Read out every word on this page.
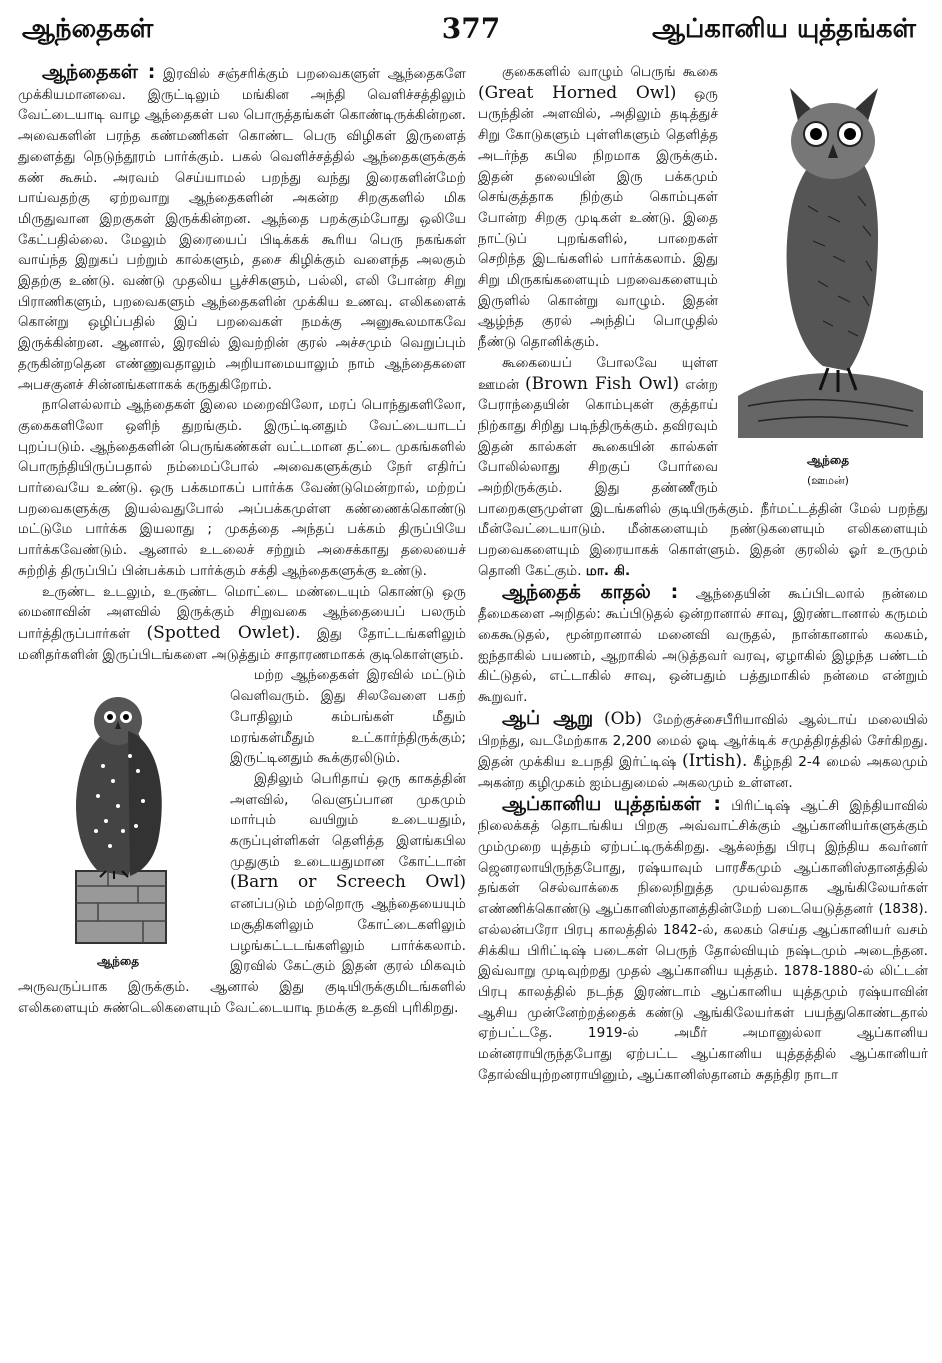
ஆந்தைகள்	377	ஆப்கானிய யுத்தங்கள்

ஆந்தைகள் : இரவில் சஞ்சரிக்கும் பறவைகளுள் ஆந்தைகளே முக்கியமானவை. இருட்டிலும் மங்கின அந்தி வெளிச்சத்திலும் வேட்டையாடி வாழ ஆந்தைகள் பல பொருத்தங்கள் கொண்டிருக்கின்றன. அவைகளின் பரந்த கண்மணிகள் கொண்ட பெரு விழிகள் இருளைத் துளைத்து நெடுந்தூரம் பார்க்கும். பகல் வெளிச்சத்தில் ஆந்தைகளுக்குக் கண் கூசும். அரவம் செய்யாமல் பறந்து வந்து இரைகளின்மேற் பாய்வதற்கு ஏற்றவாறு ஆந்தைகளின் அகன்ற சிறகுகளில் மிக மிருதுவான இறகுகள் இருக்கின்றன. ஆந்தை பறக்கும்போது ஒலியே கேட்பதில்லை. மேலும் இரையைப் பிடிக்கக் கூரிய பெரு நகங்கள் வாய்ந்த இறுகப் பற்றும் கால்களும், தசை கிழிக்கும் வளைந்த அலகும் இதற்கு உண்டு. வண்டு முதலிய பூச்சிகளும், பல்லி, எலி போன்ற சிறு பிராணிகளும், பறவைகளும் ஆந்தைகளின் முக்கிய உணவு. எலிகளைக் கொன்று ஒழிப்பதில் இப் பறவைகள் நமக்கு அனுகூலமாகவே இருக்கின்றன. ஆனால், இரவில் இவற்றின் குரல் அச்சமும் வெறுப்பும் தருகின்றதென எண்ணுவதாலும் அறியாமையாலும் நாம் ஆந்தைகளை அபசகுனச் சின்னங்களாகக் கருதுகிறோம்.

நாளெல்லாம் ஆந்தைகள் இலை மறைவிலோ, மரப் பொந்துகளிலோ, குகைகளிலோ ஒளிந் துறங்கும். இருட்டினதும் வேட்டையாடப் புறப்படும். ஆந்தைகளின் பெருங்கண்கள் வட்டமான தட்டை முகங்களில் பொருந்தியிருப்பதால் நம்மைப்போல் அவைகளுக்கும் நேர் எதிர்ப் பார்வையே உண்டு. ஒரு பக்கமாகப் பார்க்க வேண்டுமென்றால், மற்றப் பறவைகளுக்கு இயல்வதுபோல் அப்பக்கமுள்ள கண்ணைக்கொண்டு மட்டுமே பார்க்க இயலாது ; முகத்தை அந்தப் பக்கம் திருப்பியே பார்க்கவேண்டும். ஆனால் உடலைச் சற்றும் அசைக்காது தலையைச் சுற்றித் திருப்பிப் பின்பக்கம் பார்க்கும் சக்தி ஆந்தைகளுக்கு உண்டு.

உருண்ட உடலும், உருண்ட மொட்டை மண்டையும் கொண்டு ஒரு மைனாவின் அளவில் இருக்கும் சிறுவகை ஆந்தையைப் பலரும் பார்த்திருப்பார்கள் (Spotted Owlet). இது தோட்டங்களிலும் மனிதர்களின் இருப்பிடங்களை அடுத்தும் சாதாரணமாகக் குடிகொள்ளும்.

ஆந்தை

மற்ற ஆந்தைகள் இரவில் மட்டும் வெளிவரும். இது சிலவேளை பகற் போதிலும் கம்பங்கள் மீதும் மரங்கள்மீதும் உட்கார்ந்திருக்கும்; இருட்டினதும் கூக்குரலிடும்.

இதிலும் பெரிதாய் ஒரு காகத்தின் அளவில், வெளுப்பான முகமும் மார்பும் வயிறும் உடையதும், கருப்புள்ளிகள் தெளித்த இளங்கபில முதுகும் உடையதுமான கோட்டான் (Barn or Screech Owl) எனப்படும் மற்றொரு ஆந்தையையும் மசூதிகளிலும் கோட்டைகளிலும் பழங்கட்டடங்களிலும் பார்க்கலாம். இரவில் கேட்கும் இதன் குரல் மிகவும் அருவருப்பாக இருக்கும். ஆனால் இது குடியிருக்குமிடங்களில் எலிகளையும் சுண்டெலிகளையும் வேட்டையாடி நமக்கு உதவி புரிகிறது.

ஆந்தை
(ஊமன்)

குகைகளில் வாழும் பெருங் கூகை (Great Horned Owl) ஒரு பருந்தின் அளவில், அதிலும் தடித்துச் சிறு கோடுகளும் புள்ளிகளும் தெளித்த அடர்ந்த கபில நிறமாக இருக்கும். இதன் தலையின் இரு பக்கமும் செங்குத்தாக நிற்கும் கொம்புகள் போன்ற சிறகு முடிகள் உண்டு. இதை நாட்டுப் புறங்களில், பாறைகள் செறிந்த இடங்களில் பார்க்கலாம். இது சிறு மிருகங்களையும் பறவைகளையும் இருளில் கொன்று வாழும். இதன் ஆழ்ந்த குரல் அந்திப் பொழுதில் நீண்டு தொனிக்கும்.

கூகையைப் போலவே யுள்ள ஊமன் (Brown Fish Owl) என்ற பேராந்தையின் கொம்புகள் குத்தாய் நிற்காது சிறிது படிந்திருக்கும். தவிரவும் இதன் கால்கள் கூகையின் கால்கள் போலில்லாது சிறகுப் போர்வை அற்றிருக்கும். இது தண்ணீரும் பாறைகளுமுள்ள இடங்களில் குடியிருக்கும். நீர்மட்டத்தின் மேல் பறந்து மீன்வேட்டையாடும். மீன்களையும் நண்டுகளையும் எலிகளையும் பறவைகளையும் இரையாகக் கொள்ளும். இதன் குரலில் ஓர் உருமும் தொனி கேட்கும். மா. கி.

ஆந்தைக் காதல் : ஆந்தையின் கூப்பிடலால் நன்மை தீமைகளை அறிதல்: கூப்பிடுதல் ஒன்றானால் சாவு, இரண்டானால் கருமம் கைகூடுதல், மூன்றானால் மனைவி வருதல், நான்கானால் கலகம், ஐந்தாகில் பயணம், ஆறாகில் அடுத்தவர் வரவு, ஏழாகில் இழந்த பண்டம் கிட்டுதல், எட்டாகில் சாவு, ஒன்பதும் பத்துமாகில் நன்மை என்றும் கூறுவர்.

ஆப் ஆறு (Ob) மேற்குச்சைபீரியாவில் ஆல்டாய் மலையில் பிறந்து, வடமேற்காக 2,200 மைல் ஓடி ஆர்க்டிக் சமுத்திரத்தில் சேர்கிறது. இதன் முக்கிய உபநதி இர்ட்டிஷ் (Irtish). கீழ்நதி 2-4 மைல் அகலமும் அகன்ற கழிமுகம் ஐம்பதுமைல் அகலமும் உள்ளன.

ஆப்கானிய யுத்தங்கள் : பிரிட்டிஷ் ஆட்சி இந்தியாவில் நிலைக்கத் தொடங்கிய பிறகு அவ்வாட்சிக்கும் ஆப்கானியர்களுக்கும் மும்முறை யுத்தம் ஏற்பட்டிருக்கிறது. ஆக்லந்து பிரபு இந்திய கவர்னர் ஜெனரலாயிருந்தபோது, ரஷ்யாவும் பாரசீகமும் ஆப்கானிஸ்தானத்தில் தங்கள் செல்வாக்கை நிலைநிறுத்த முயல்வதாக ஆங்கிலேயர்கள் எண்ணிக்கொண்டு ஆப்கானிஸ்தானத்தின்மேற் படையெடுத்தனர் (1838). எல்லன்பரோ பிரபு காலத்தில் 1842-ல், கலகம் செய்த ஆப்கானியர் வசம் சிக்கிய பிரிட்டிஷ் படைகள் பெருந் தோல்வியும் நஷ்டமும் அடைந்தன. இவ்வாறு முடிவுற்றது முதல் ஆப்கானிய யுத்தம். 1878-1880-ல் லிட்டன் பிரபு காலத்தில் நடந்த இரண்டாம் ஆப்கானிய யுத்தமும் ரஷ்யாவின் ஆசிய முன்னேற்றத்தைக் கண்டு ஆங்கிலேயர்கள் பயந்துகொண்டதால் ஏற்பட்டதே. 1919-ல் அமீர் அமானுல்லா ஆப்கானிய மன்னராயிருந்தபோது ஏற்பட்ட ஆப்கானிய யுத்தத்தில் ஆப்கானியர் தோல்வியுற்றனராயினும், ஆப்கானிஸ்தானம் சுதந்திர நாடா
